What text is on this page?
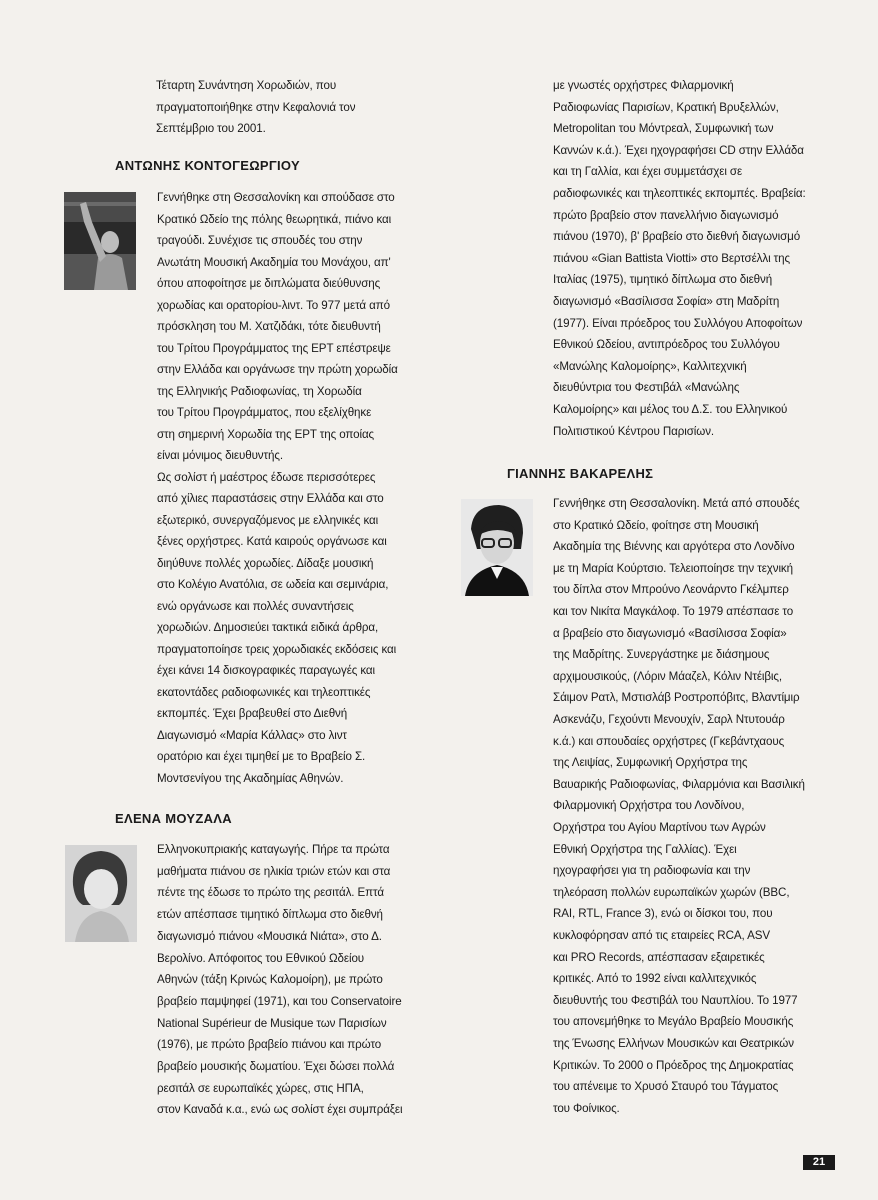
Τέταρτη Συνάντηση Χορωδιών, που
πραγματοποιήθηκε στην Κεφαλονιά τον
Σεπτέμβριο του 2001.
ΑΝΤΩΝΗΣ ΚΟΝΤΟΓΕΩΡΓΙΟΥ
Γεννήθηκε στη Θεσσαλονίκη και σπούδασε στο
Κρατικό Ωδείο της πόλης θεωρητικά, πιάνο και
τραγούδι. Συνέχισε τις σπουδές του στην
Ανωτάτη Μουσική Ακαδημία του Μονάχου, απ'
όπου αποφοίτησε με διπλώματα διεύθυνσης
χορωδίας και ορατορίου-λιντ. Το 977 μετά από
πρόσκληση του Μ. Χατζιδάκι, τότε διευθυντή
του Τρίτου Προγράμματος της ΕΡΤ επέστρεψε
στην Ελλάδα και οργάνωσε την πρώτη χορωδία
της Ελληνικής Ραδιοφωνίας, τη Χορωδία
του Τρίτου Προγράμματος, που εξελίχθηκε
στη σημερινή Χορωδία της ΕΡΤ της οποίας
είναι μόνιμος διευθυντής.
Ως σολίστ ή μαέστρος έδωσε περισσότερες
από χίλιες παραστάσεις στην Ελλάδα και στο
εξωτερικό, συνεργαζόμενος με ελληνικές και
ξένες ορχήστρες. Κατά καιρούς οργάνωσε και
διηύθυνε πολλές χορωδίες. Δίδαξε μουσική
στο Κολέγιο Ανατόλια, σε ωδεία και σεμινάρια,
ενώ οργάνωσε και πολλές συναντήσεις
χορωδιών. Δημοσιεύει τακτικά ειδικά άρθρα,
πραγματοποίησε τρεις χορωδιακές εκδόσεις και
έχει κάνει 14 δισκογραφικές παραγωγές και
εκατοντάδες ραδιοφωνικές και τηλεοπτικές
εκπομπές. Έχει βραβευθεί στο Διεθνή
Διαγωνισμό «Μαρία Κάλλας» στο λιντ
ορατόριο και έχει τιμηθεί με το Βραβείο Σ.
Μοντσενίγου της Ακαδημίας Αθηνών.
ΕΛΕΝΑ ΜΟΥΖΑΛΑ
Ελληνοκυπριακής καταγωγής. Πήρε τα πρώτα
μαθήματα πιάνου σε ηλικία τριών ετών και στα
πέντε της έδωσε το πρώτο της ρεσιτάλ. Επτά
ετών απέσπασε τιμητικό δίπλωμα στο διεθνή
διαγωνισμό πιάνου «Μουσικά Νιάτα», στο Δ.
Βερολίνο. Απόφοιτος του Εθνικού Ωδείου
Αθηνών (τάξη Κρινώς Καλομοίρη), με πρώτο
βραβείο παμψηφεί (1971), και του Conservatoire
National Supérieur de Musique των Παρισίων
(1976), με πρώτο βραβείο πιάνου και πρώτο
βραβείο μουσικής δωματίου. Έχει δώσει πολλά
ρεσιτάλ σε ευρωπαϊκές χώρες, στις ΗΠΑ,
στον Καναδά κ.α., ενώ ως σολίστ έχει συμπράξει
με γνωστές ορχήστρες Φιλαρμονική
Ραδιοφωνίας Παρισίων, Κρατική Βρυξελλών,
Metropolitan του Μόντρεαλ, Συμφωνική των
Καννών κ.ά.). Έχει ηχογραφήσει CD στην Ελλάδα
και τη Γαλλία, και έχει συμμετάσχει σε
ραδιοφωνικές και τηλεοπτικές εκπομπές. Βραβεία:
πρώτο βραβείο στον πανελλήνιο διαγωνισμό
πιάνου (1970), β' βραβείο στο διεθνή διαγωνισμό
πιάνου «Gian Battista Viotti» στο Βερτσέλλι της
Ιταλίας (1975), τιμητικό δίπλωμα στο διεθνή
διαγωνισμό «Βασίλισσα Σοφία» στη Μαδρίτη
(1977). Είναι πρόεδρος του Συλλόγου Αποφοίτων
Εθνικού Ωδείου, αντιπρόεδρος του Συλλόγου
«Μανώλης Καλομοίρης», Καλλιτεχνική
διευθύντρια του Φεστιβάλ «Μανώλης
Καλομοίρης» και μέλος του Δ.Σ. του Ελληνικού
Πολιτιστικού Κέντρου Παρισίων.
ΓΙΑΝΝΗΣ ΒΑΚΑΡΕΛΗΣ
Γεννήθηκε στη Θεσσαλονίκη. Μετά από σπουδές
στο Κρατικό Ωδείο, φοίτησε στη Μουσική
Ακαδημία της Βιέννης και αργότερα στο Λονδίνο
με τη Μαρία Κούρτσιο. Τελειοποίησε την τεχνική
του δίπλα στον Μπρούνο Λεονάρντο Γκέλμπερ
και τον Νικίτα Μαγκάλοφ. Το 1979 απέσπασε το
α βραβείο στο διαγωνισμό «Βασίλισσα Σοφία»
της Μαδρίτης. Συνεργάστηκε με διάσημους
αρχιμουσικούς, (Λόριν Μάαζελ, Κόλιν Ντέιβις,
Σάιμον Ρατλ, Μστισλάβ Ροστροπόβιτς, Βλαντίμιρ
Ασκενάζυ, Γεχούντι Μενουχίν, Σαρλ Ντυτουάρ
κ.ά.) και σπουδαίες ορχήστρες (Γκεβάντχαους
της Λειψίας, Συμφωνική Ορχήστρα της
Βαυαρικής Ραδιοφωνίας, Φιλαρμόνια και Βασιλική
Φιλαρμονική Ορχήστρα του Λονδίνου,
Ορχήστρα του Αγίου Μαρτίνου των Αγρών
Εθνική Ορχήστρα της Γαλλίας). Έχει
ηχογραφήσει για τη ραδιοφωνία και την
τηλεόραση πολλών ευρωπαϊκών χωρών (BBC,
RAI, RTL, France 3), ενώ οι δίσκοι του, που
κυκλοφόρησαν από τις εταιρείες RCA, ASV
και PRO Records, απέσπασαν εξαιρετικές
κριτικές. Από το 1992 είναι καλλιτεχνικός
διευθυντής του Φεστιβάλ του Ναυπλίου. Το 1977
του απονεμήθηκε το Μεγάλο Βραβείο Μουσικής
της Ένωσης Ελλήνων Μουσικών και Θεατρικών
Κριτικών. Το 2000 ο Πρόεδρος της Δημοκρατίας
του απένειμε το Χρυσό Σταυρό του Τάγματος
του Φοίνικος.
21
